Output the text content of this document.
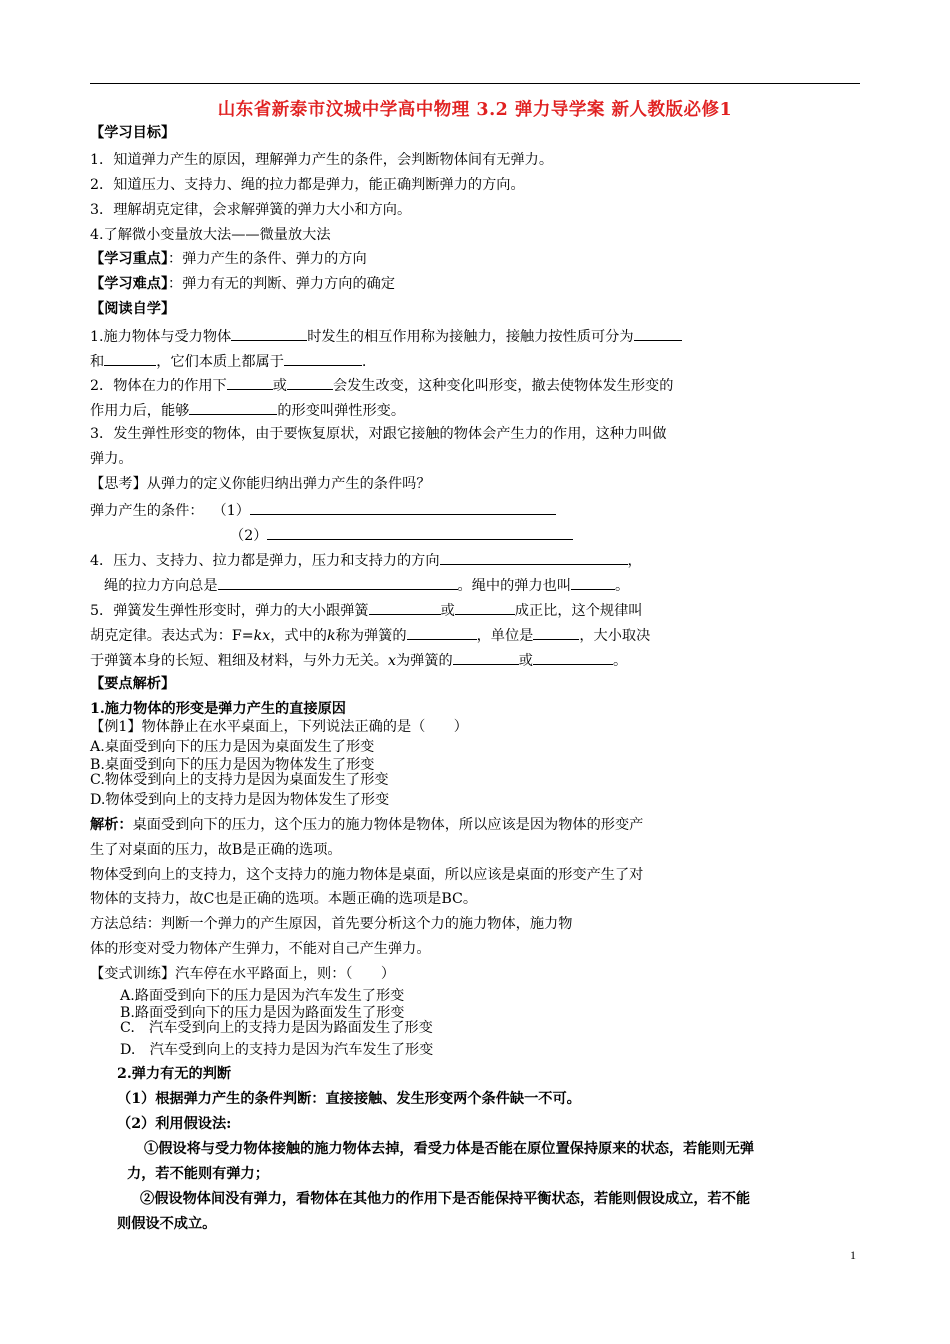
山东省新泰市汶城中学高中物理 3.2 弹力导学案 新人教版必修1
【学习目标】
1．知道弹力产生的原因，理解弹力产生的条件，会判断物体间有无弹力。
2．知道压力、支持力、绳的拉力都是弹力，能正确判断弹力的方向。
3．理解胡克定律，会求解弹簧的弹力大小和方向。
4.了解微小变量放大法——微量放大法
【学习重点】：弹力产生的条件、弹力的方向
【学习难点】：弹力有无的判断、弹力方向的确定
【阅读自学】
1.施力物体与受力物体	时发生的相互作用称为接触力，接触力按性质可分为
和	，它们本质上都属于	.
2．物体在力的作用下	或	会发生改变，这种变化叫形变，撤去使物体发生形变的
作用力后，能够	的形变叫弹性形变。
3．发生弹性形变的物体，由于要恢复原状，对跟它接触的物体会产生力的作用，这种力叫做
弹力。
【思考】从弹力的定义你能归纳出弹力产生的条件吗？
弹力产生的条件： （1）
（2）
4．压力、支持力、拉力都是弹力，压力和支持力的方向	，
绳的拉力方向总是	。绳中的弹力也叫	。
5．弹簧发生弹性形变时，弹力的大小跟弹簧	或	成正比，这个规律叫
胡克定律。表达式为：F=kx，式中的k称为弹簧的	，单位是	，大小取决
于弹簧本身的长短、粗细及材料，与外力无关。x为弹簧的	或	。
【要点解析】
1.施力物体的形变是弹力产生的直接原因
【例1】物体静止在水平桌面上，下列说法正确的是（　　）
A.桌面受到向下的压力是因为桌面发生了形变
B.桌面受到向下的压力是因为物体发生了形变
C.物体受到向上的支持力是因为桌面发生了形变
D.物体受到向上的支持力是因为物体发生了形变
解析：桌面受到向下的压力，这个压力的施力物体是物体，所以应该是因为物体的形变产
生了对桌面的压力，故B是正确的选项。
物体受到向上的支持力，这个支持力的施力物体是桌面，所以应该是桌面的形变产生了对
物体的支持力，故C也是正确的选项。本题正确的选项是BC。
方法总结：判断一个弹力的产生原因，首先要分析这个力的施力物体，施力物
体的形变对受力物体产生弹力，不能对自己产生弹力。
【变式训练】汽车停在水平路面上，则：（　　）
A.路面受到向下的压力是因为汽车发生了形变
B.路面受到向下的压力是因为路面发生了形变
C.　汽车受到向上的支持力是因为路面发生了形变
D.　汽车受到向上的支持力是因为汽车发生了形变
2.弹力有无的判断
（1）根据弹力产生的条件判断：直接接触、发生形变两个条件缺一不可。
（2）利用假设法:
①假设将与受力物体接触的施力物体去掉，看受力体是否能在原位置保持原来的状态，若能则无弹
力，若不能则有弹力；
②假设物体间没有弹力，看物体在其他力的作用下是否能保持平衡状态，若能则假设成立，若不能
则假设不成立。
1
